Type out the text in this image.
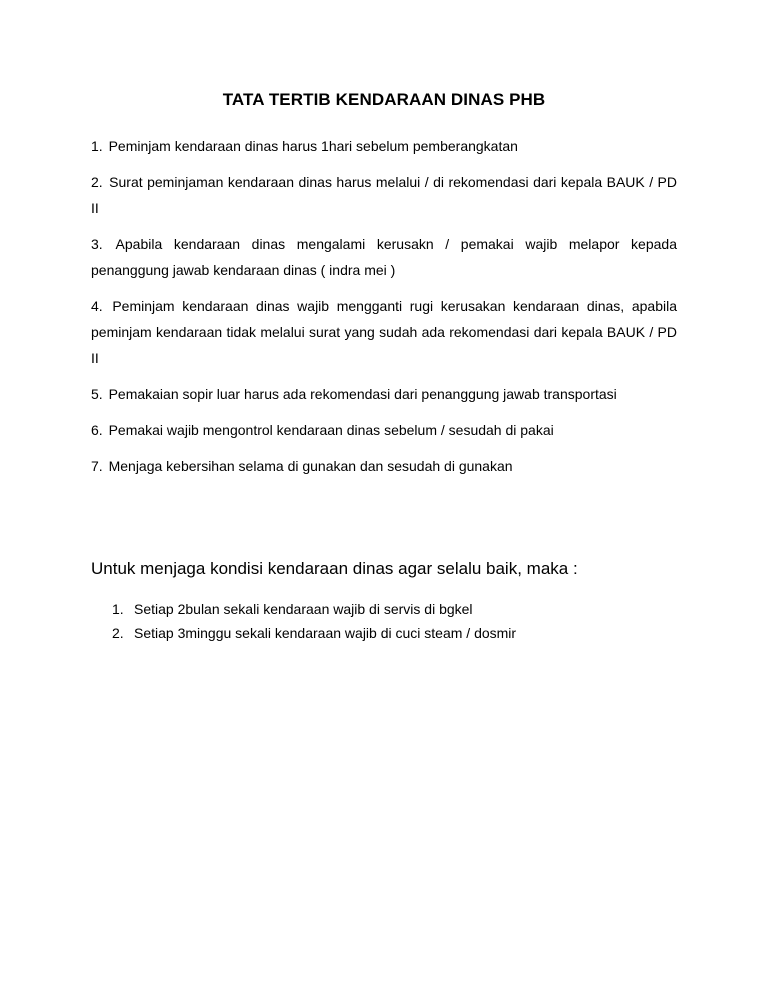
TATA TERTIB KENDARAAN DINAS PHB

1. Peminjam kendaraan dinas harus 1hari sebelum pemberangkatan

2. Surat peminjaman kendaraan dinas harus melalui / di rekomendasi dari kepala BAUK / PD II

3. Apabila kendaraan dinas mengalami kerusakn / pemakai wajib melapor kepada penanggung jawab kendaraan dinas ( indra mei )

4. Peminjam kendaraan dinas wajib mengganti rugi kerusakan kendaraan dinas, apabila peminjam kendaraan tidak melalui surat yang sudah ada rekomendasi dari kepala BAUK / PD II

5. Pemakaian sopir luar harus ada rekomendasi dari penanggung jawab transportasi

6. Pemakai wajib mengontrol kendaraan dinas sebelum / sesudah di pakai

7. Menjaga kebersihan selama di gunakan dan sesudah di gunakan

Untuk menjaga kondisi kendaraan dinas agar selalu baik, maka :
1. Setiap 2bulan sekali kendaraan wajib di servis di bgkel
2. Setiap 3minggu sekali kendaraan wajib di cuci steam / dosmir
